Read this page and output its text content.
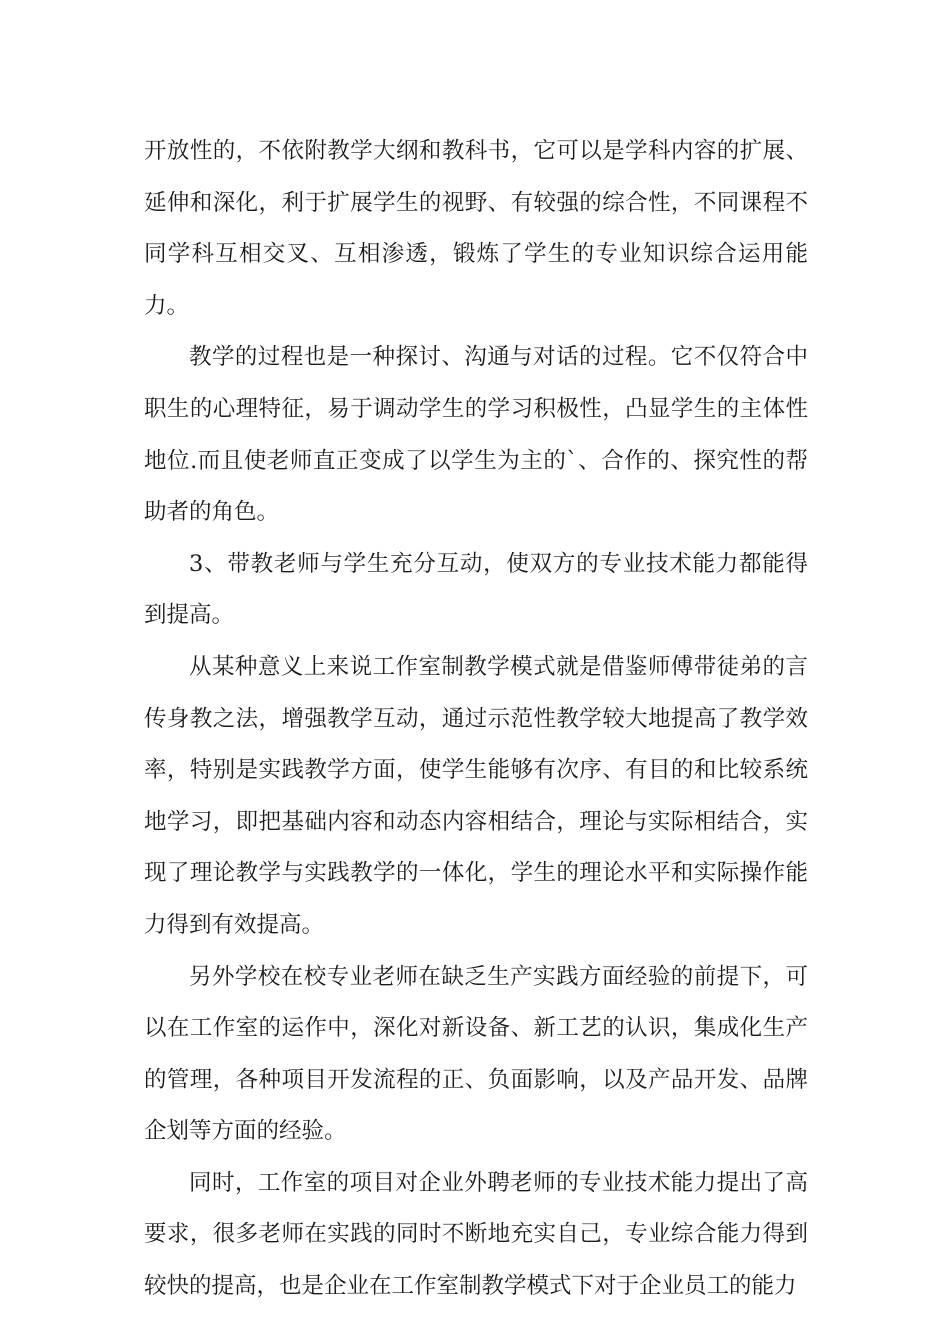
开放性的，不依附教学大纲和教科书，它可以是学科内容的扩展、延伸和深化，利于扩展学生的视野、有较强的综合性，不同课程不同学科互相交叉、互相渗透，锻炼了学生的专业知识综合运用能力。

教学的过程也是一种探讨、沟通与对话的过程。它不仅符合中职生的心理特征，易于调动学生的学习积极性，凸显学生的主体性地位.而且使老师直正变成了以学生为主的`、合作的、探究性的帮助者的角色。

3、带教老师与学生充分互动，使双方的专业技术能力都能得到提高。

从某种意义上来说工作室制教学模式就是借鉴师傅带徒弟的言传身教之法，增强教学互动，通过示范性教学较大地提高了教学效率，特别是实践教学方面，使学生能够有次序、有目的和比较系统地学习，即把基础内容和动态内容相结合，理论与实际相结合，实现了理论教学与实践教学的一体化，学生的理论水平和实际操作能力得到有效提高。

另外学校在校专业老师在缺乏生产实践方面经验的前提下，可以在工作室的运作中，深化对新设备、新工艺的认识，集成化生产的管理，各种项目开发流程的正、负面影响，以及产品开发、品牌企划等方面的经验。

同时，工作室的项目对企业外聘老师的专业技术能力提出了高要求，很多老师在实践的同时不断地充实自己，专业综合能力得到较快的提高，也是企业在工作室制教学模式下对于企业员工的能力
